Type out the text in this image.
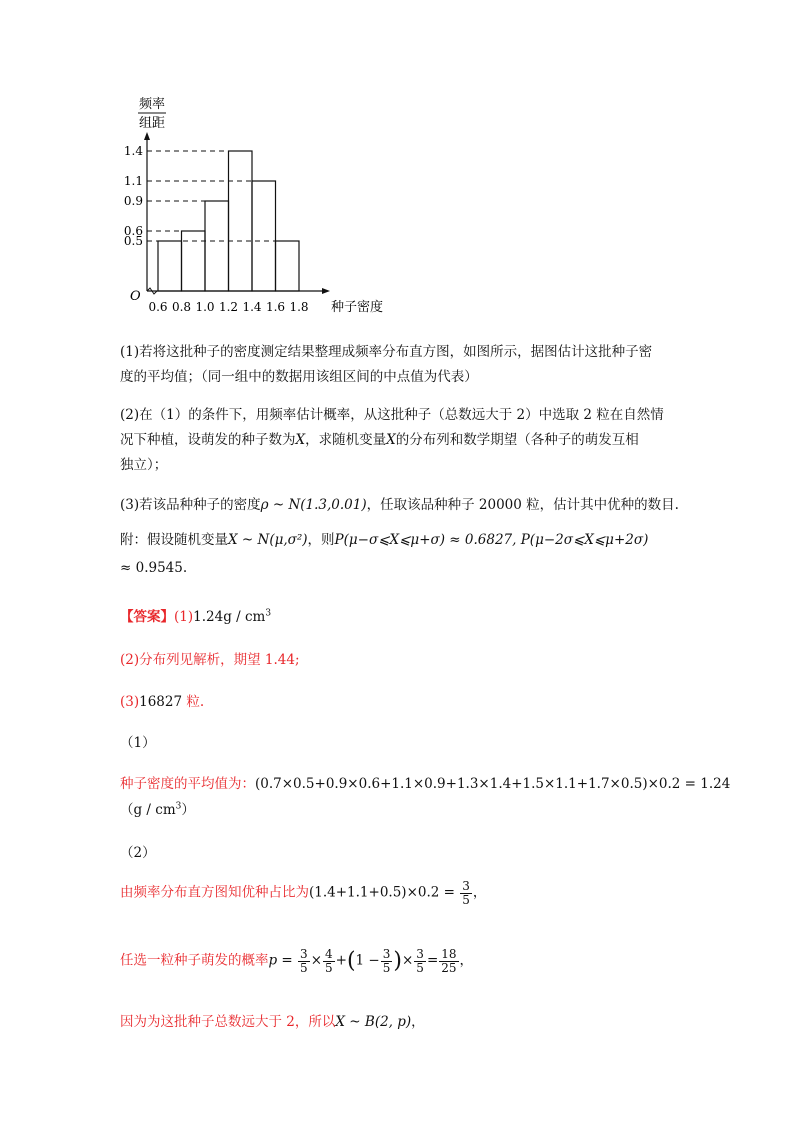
频率
组距
0.5
0.6
0.9
1.1
1.4
0.6 0.8 1.0 1.2 1.4 1.6 1.8
O
种子密度
(1)若将这批种子的密度测定结果整理成频率分布直方图，如图所示，据图估计这批种子密
度的平均值；（同一组中的数据用该组区间的中点值为代表）
(2)在（1）的条件下，用频率估计概率，从这批种子（总数远大于 2）中选取 2 粒在自然情
况下种植，设萌发的种子数为X，求随机变量X的分布列和数学期望（各种子的萌发互相
独立）；
(3)若该品种种子的密度ρ ~ N(1.3,0.01)，任取该品种种子 20000 粒，估计其中优种的数目.
附：假设随机变量X ~ N(μ,σ²)，则P(μ−σ⩽X⩽μ+σ) ≈ 0.6827, P(μ−2σ⩽X⩽μ+2σ)
≈ 0.9545.
【答案】$(1)1.24g / cm^3$
(2)分布列见解析，期望 1.44;
(3)16827 粒.
（1）
种子密度的平均值为：(0.7×0.5+0.9×0.6+1.1×0.9+1.3×1.4+1.5×1.1+1.7×0.5)×0.2 = 1.24
$(g / cm^3)$
（2）
由频率分布直方图知优种占比为$(1.4+1.1+0.5)\times 0.2 = \frac{3}{5}$ ，
任选一粒种子萌发的概率$p = \frac{3}{5} \times \frac{4}{5} +(1 - \frac{3}{5}$ )× $\frac{3}{5} = \frac{18}{25}$ ，
因为为这批种子总数远大于 2，所以X ~ B(2, p)，
